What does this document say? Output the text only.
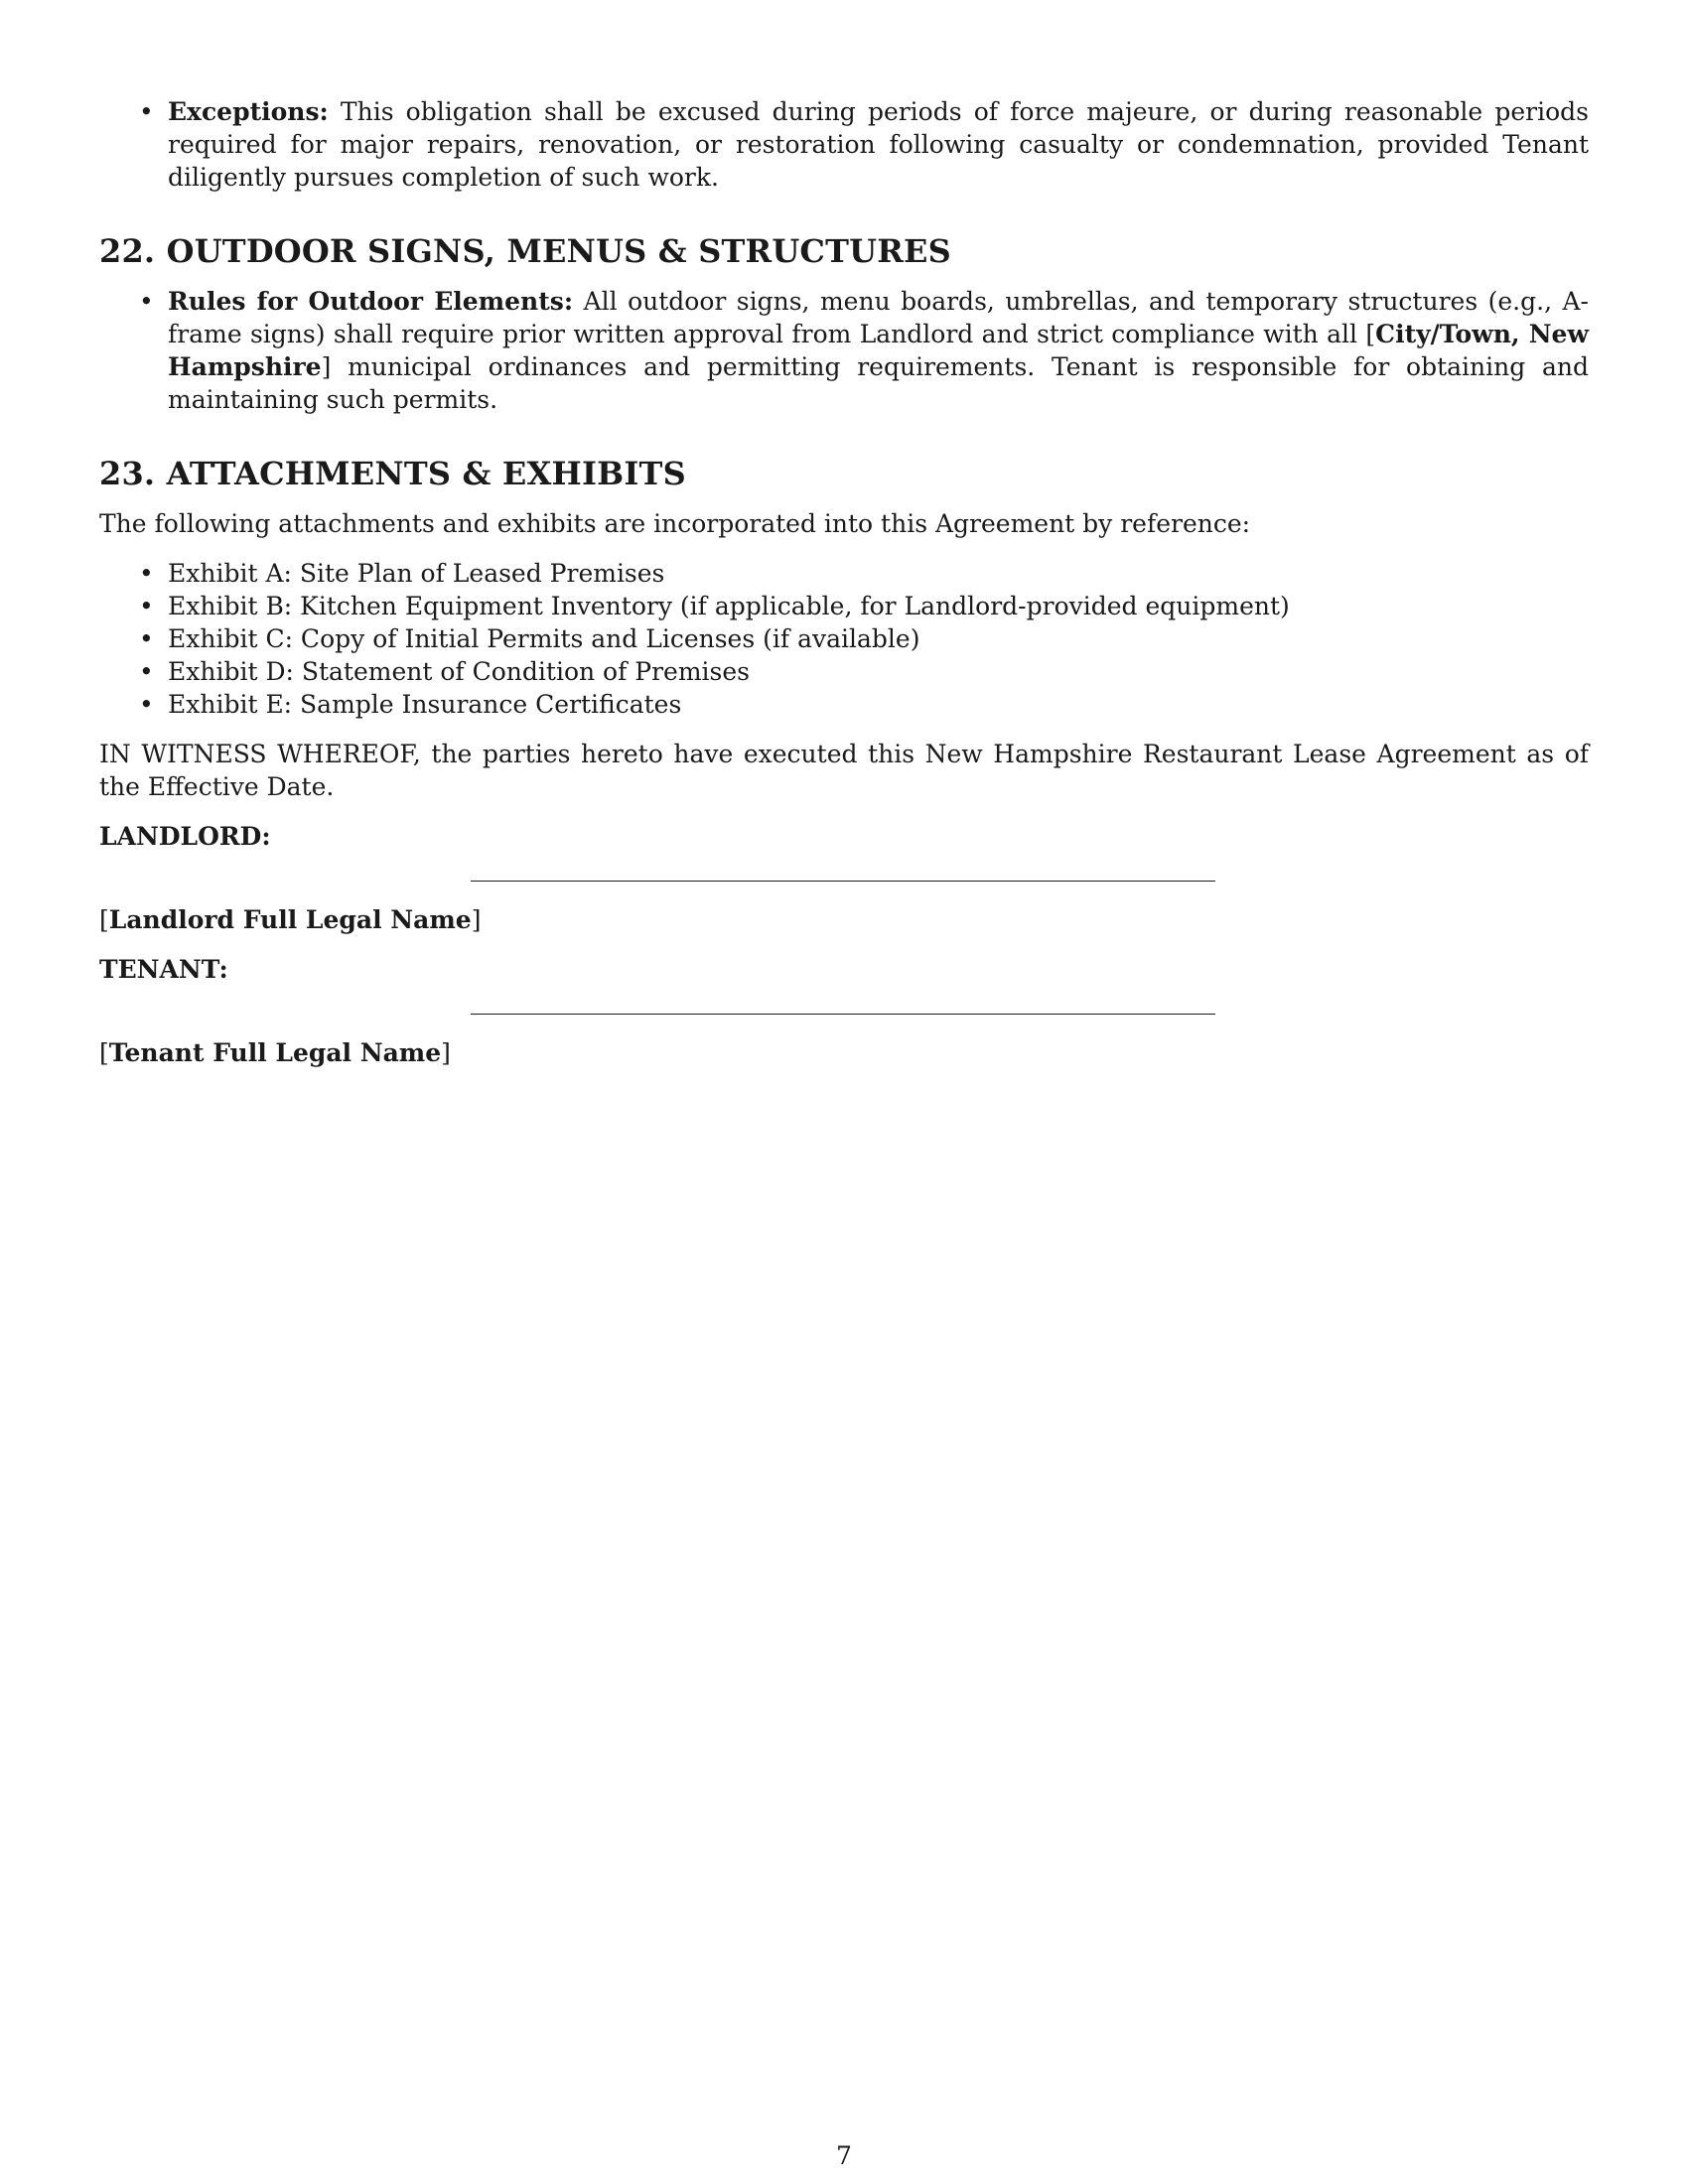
• Exceptions: This obligation shall be excused during periods of force majeure, or during reasonable periods required for major repairs, renovation, or restoration following casualty or condemnation, provided Tenant diligently pursues completion of such work.
22. OUTDOOR SIGNS, MENUS & STRUCTURES
• Rules for Outdoor Elements: All outdoor signs, menu boards, umbrellas, and temporary structures (e.g., A-frame signs) shall require prior written approval from Landlord and strict compliance with all [City/Town, New Hampshire] municipal ordinances and permitting requirements. Tenant is responsible for obtaining and maintaining such permits.
23. ATTACHMENTS & EXHIBITS

The following attachments and exhibits are incorporated into this Agreement by reference:

• Exhibit A: Site Plan of Leased Premises
• Exhibit B: Kitchen Equipment Inventory (if applicable, for Landlord-provided equipment)
• Exhibit C: Copy of Initial Permits and Licenses (if available)
• Exhibit D: Statement of Condition of Premises
• Exhibit E: Sample Insurance Certificates

IN WITNESS WHEREOF, the parties hereto have executed this New Hampshire Restaurant Lease Agreement as of the Effective Date.

LANDLORD:

[Landlord Full Legal Name]

TENANT:

[Tenant Full Legal Name]

7
